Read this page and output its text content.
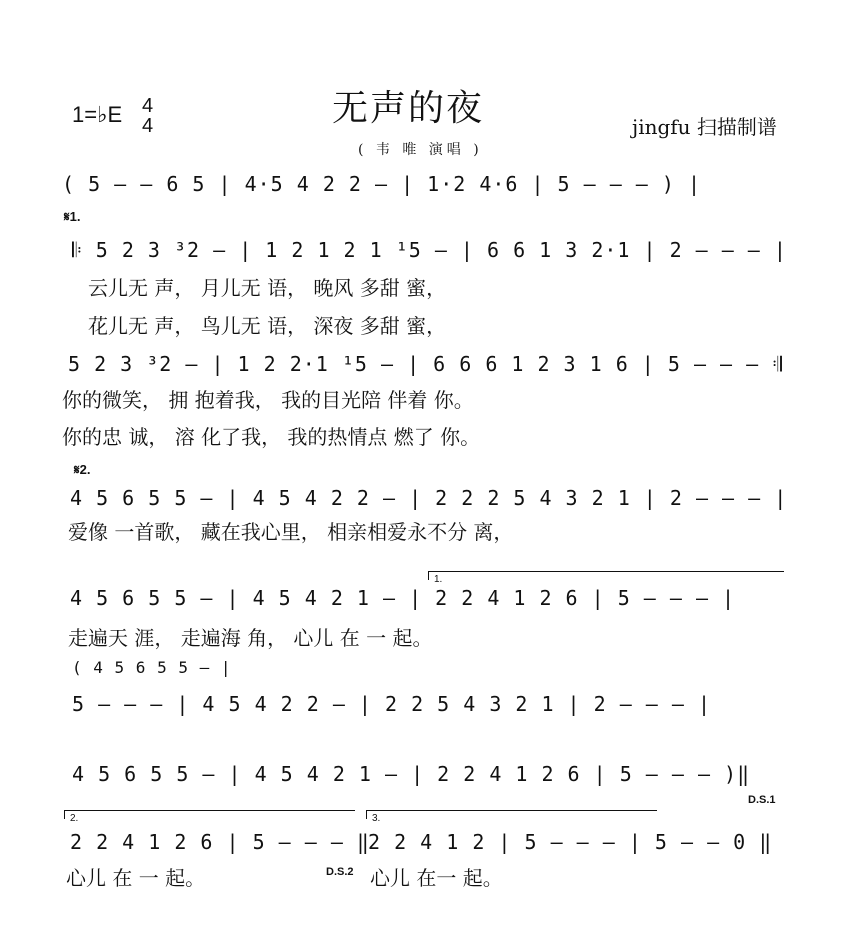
1=♭E 4
4	无声的夜
( 韦 唯 演唱 )
jingfu 扫描制谱
( 5 — — 6 5 | 4·5 4 2 2 — | 1·2 4·6 | 5 — — — ) |
𝄋1.
𝄆 5 2 3 ³2 — | 1 2 1 2 1 ¹5 — | 6 6 1 3 2·1 | 2 — — — |
云儿无 声， 月儿无 语， 晚风 多甜 蜜，
花儿无 声， 鸟儿无 语， 深夜 多甜 蜜，
5 2 3 ³2 — | 1 2 2·1 ¹5 — | 6 6 6 1 2 3 1 6 | 5 — — — 𝄇
你的微笑， 拥 抱着我， 我的目光陪 伴着 你。
你的忠 诚， 溶 化了我， 我的热情点 燃了 你。
𝄋2.
4 5 6 5 5 — | 4 5 4 2 2 — | 2 2 2 5 4 3 2 1 | 2 — — — |
爱像 一首歌， 藏在我心里， 相亲相爱永不分 离，
1.
4 5 6 5 5 — | 4 5 4 2 1 — | 2 2 4 1 2 6 | 5 — — — |
走遍天 涯， 走遍海 角， 心儿 在 一 起。
( 4 5 6 5 5 — |
5 — — — | 4 5 4 2 2 — | 2 2 5 4 3 2 1 | 2 — — — |
4 5 6 5 5 — | 4 5 4 2 1 — | 2 2 4 1 2 6 | 5 — — — )‖
D.S.1
2.	3.
2 2 4 1 2 6 | 5 — — — ‖
2 2 4 1 2 | 5 — — — | 5 — — 0 ‖
心儿 在 一 起。	D.S.2 心儿 在一 起。
